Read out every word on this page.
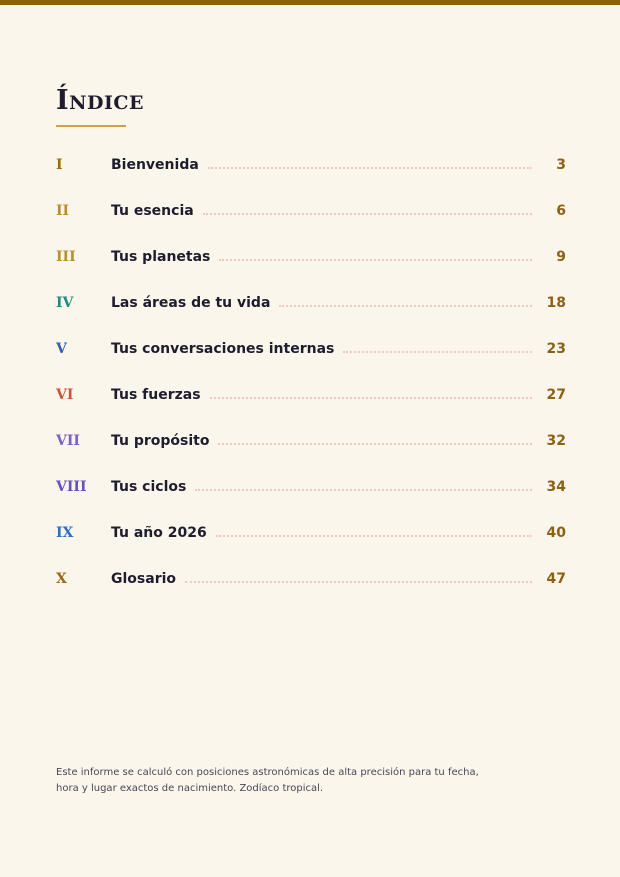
Índice
I	Bienvenida	3
II	Tu esencia	6
III	Tus planetas	9
IV	Las áreas de tu vida	18
V	Tus conversaciones internas	23
VI	Tus fuerzas	27
VII	Tu propósito	32
VIII	Tus ciclos	34
IX	Tu año 2026	40
X	Glosario	47

Este informe se calculó con posiciones astronómicas de alta precisión para tu fecha,
hora y lugar exactos de nacimiento. Zodíaco tropical.
